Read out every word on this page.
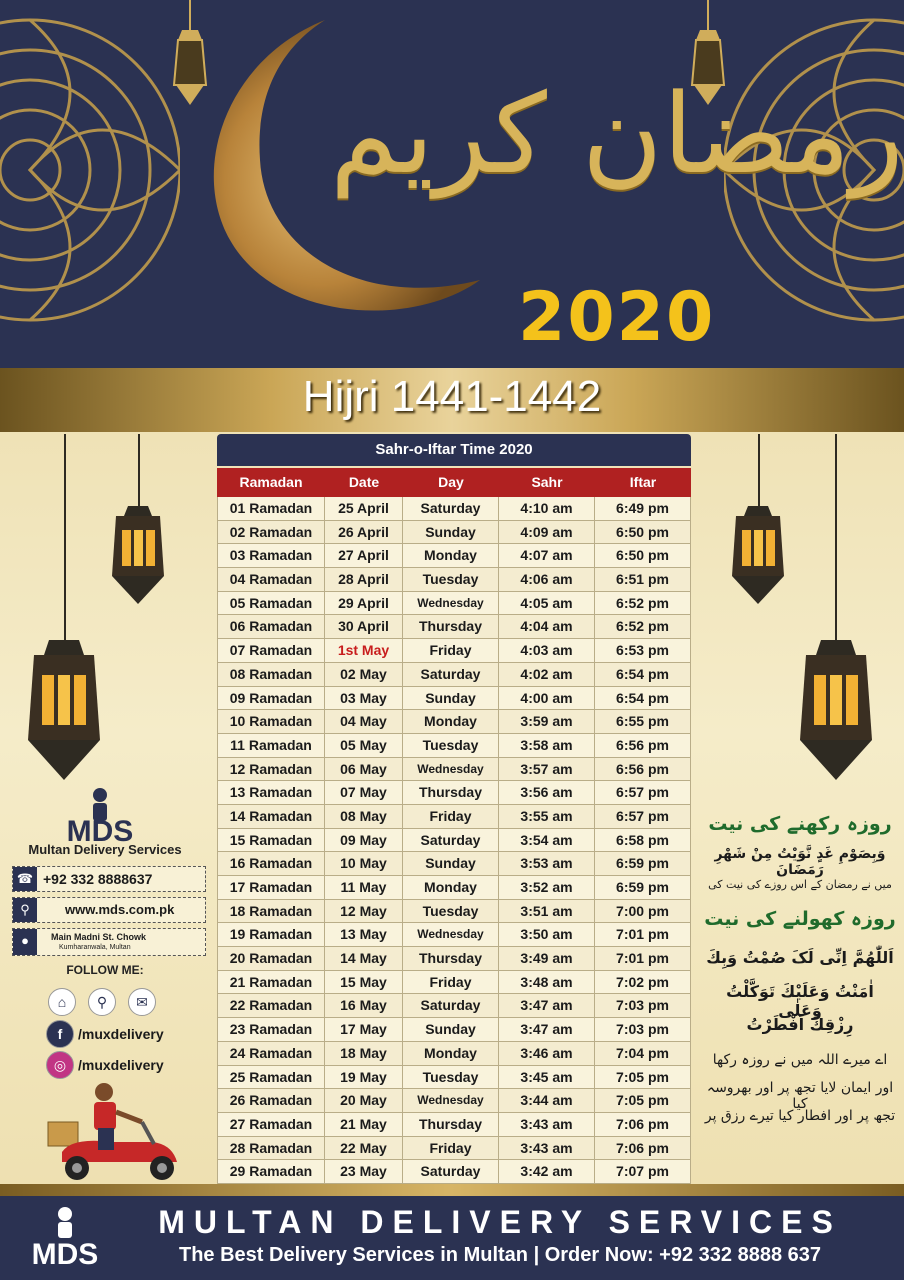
رمضان کریم
2020
Hijri 1441-1442
Sahr-o-Iftar Time 2020
Ramadan	Date	Day	Sahr	Iftar
01 Ramadan	25 April	Saturday	4:10 am	6:49 pm
02 Ramadan	26 April	Sunday	4:09 am	6:50 pm
03 Ramadan	27 April	Monday	4:07 am	6:50 pm
04 Ramadan	28 April	Tuesday	4:06 am	6:51 pm
05 Ramadan	29 April	Wednesday	4:05 am	6:52 pm
06 Ramadan	30 April	Thursday	4:04 am	6:52 pm
07 Ramadan	1st May	Friday	4:03 am	6:53 pm
08 Ramadan	02 May	Saturday	4:02 am	6:54 pm
09 Ramadan	03 May	Sunday	4:00 am	6:54 pm
10 Ramadan	04 May	Monday	3:59 am	6:55 pm
11 Ramadan	05 May	Tuesday	3:58 am	6:56 pm
12 Ramadan	06 May	Wednesday	3:57 am	6:56 pm
13 Ramadan	07 May	Thursday	3:56 am	6:57 pm
14 Ramadan	08 May	Friday	3:55 am	6:57 pm
15 Ramadan	09 May	Saturday	3:54 am	6:58 pm
16 Ramadan	10 May	Sunday	3:53 am	6:59 pm
17 Ramadan	11 May	Monday	3:52 am	6:59 pm
18 Ramadan	12 May	Tuesday	3:51 am	7:00 pm
19 Ramadan	13 May	Wednesday	3:50 am	7:01 pm
20 Ramadan	14 May	Thursday	3:49 am	7:01 pm
21 Ramadan	15 May	Friday	3:48 am	7:02 pm
22 Ramadan	16 May	Saturday	3:47 am	7:03 pm
23 Ramadan	17 May	Sunday	3:47 am	7:03 pm
24 Ramadan	18 May	Monday	3:46 am	7:04 pm
25 Ramadan	19 May	Tuesday	3:45 am	7:05 pm
26 Ramadan	20 May	Wednesday	3:44 am	7:05 pm
27 Ramadan	21 May	Thursday	3:43 am	7:06 pm
28 Ramadan	22 May	Friday	3:43 am	7:06 pm
29 Ramadan	23 May	Saturday	3:42 am	7:07 pm
MDS
Multan Delivery Services
☎ +92 332 8888637
⚲	www.mds.com.pk
●	Main Madni St. Chowk
Kumharanwala, Multan
FOLLOW ME:
⌂	⚲	✉
f	/muxdelivery
◎ /muxdelivery
روزہ رکھنے کی نیت
وَبِصَوْمِ غَدٍ نَّوَيْتُ مِنْ شَهْرِ رَمَضَانَ
میں نے رمضان کے اس روزے کی نیت کی
روزہ کھولنے کی نیت
اَللّٰهُمَّ اِنِّی لَکَ صُمْتُ وَبِكَ
اٰمَنْتُ وَعَلَيْكَ تَوَكَّلْتُ وَعَلٰى
رِزْقِكَ اَفْطَرْتُ
اے میرے اللہ میں نے روزہ رکھا
اور ایمان لایا تجھ پر اور بھروسہ کیا
تجھ پر اور افطار کیا تیرے رزق پر
MDS
MULTAN DELIVERY SERVICES
The Best Delivery Services in Multan | Order Now: +92 332 8888 637
